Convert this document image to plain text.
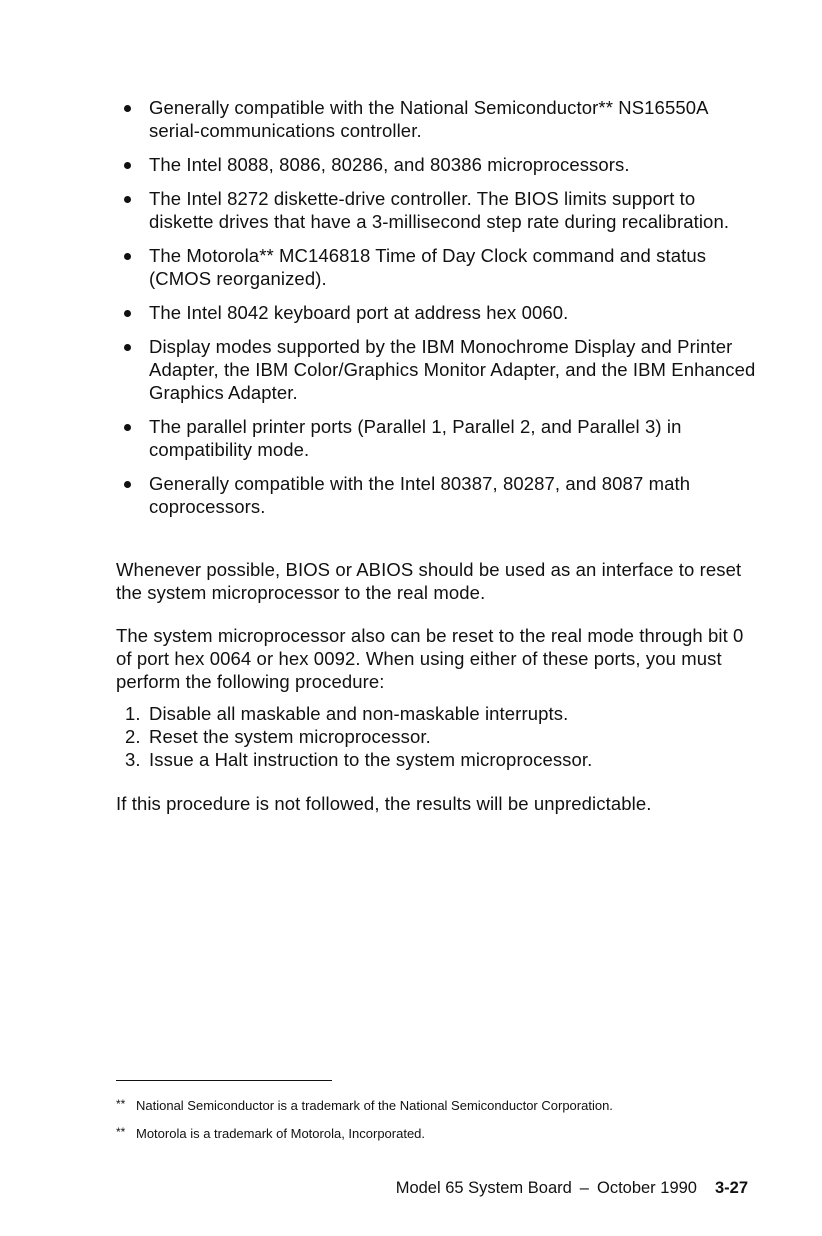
Generally compatible with the National Semiconductor** NS16550A serial-communications controller.
The Intel 8088, 8086, 80286, and 80386 microprocessors.
The Intel 8272 diskette-drive controller. The BIOS limits support to diskette drives that have a 3-millisecond step rate during recalibration.
The Motorola** MC146818 Time of Day Clock command and status (CMOS reorganized).
The Intel 8042 keyboard port at address hex 0060.
Display modes supported by the IBM Monochrome Display and Printer Adapter, the IBM Color/Graphics Monitor Adapter, and the IBM Enhanced Graphics Adapter.
The parallel printer ports (Parallel 1, Parallel 2, and Parallel 3) in compatibility mode.
Generally compatible with the Intel 80387, 80287, and 8087 math coprocessors.

Whenever possible, BIOS or ABIOS should be used as an interface to reset the system microprocessor to the real mode.

The system microprocessor also can be reset to the real mode through bit 0 of port hex 0064 or hex 0092. When using either of these ports, you must perform the following procedure:

1. Disable all maskable and non-maskable interrupts.
2. Reset the system microprocessor.
3. Issue a Halt instruction to the system microprocessor.

If this procedure is not followed, the results will be unpredictable.

** National Semiconductor is a trademark of the National Semiconductor Corporation.
** Motorola is a trademark of Motorola, Incorporated.
Model 65 System Board – October 1990 3-27
